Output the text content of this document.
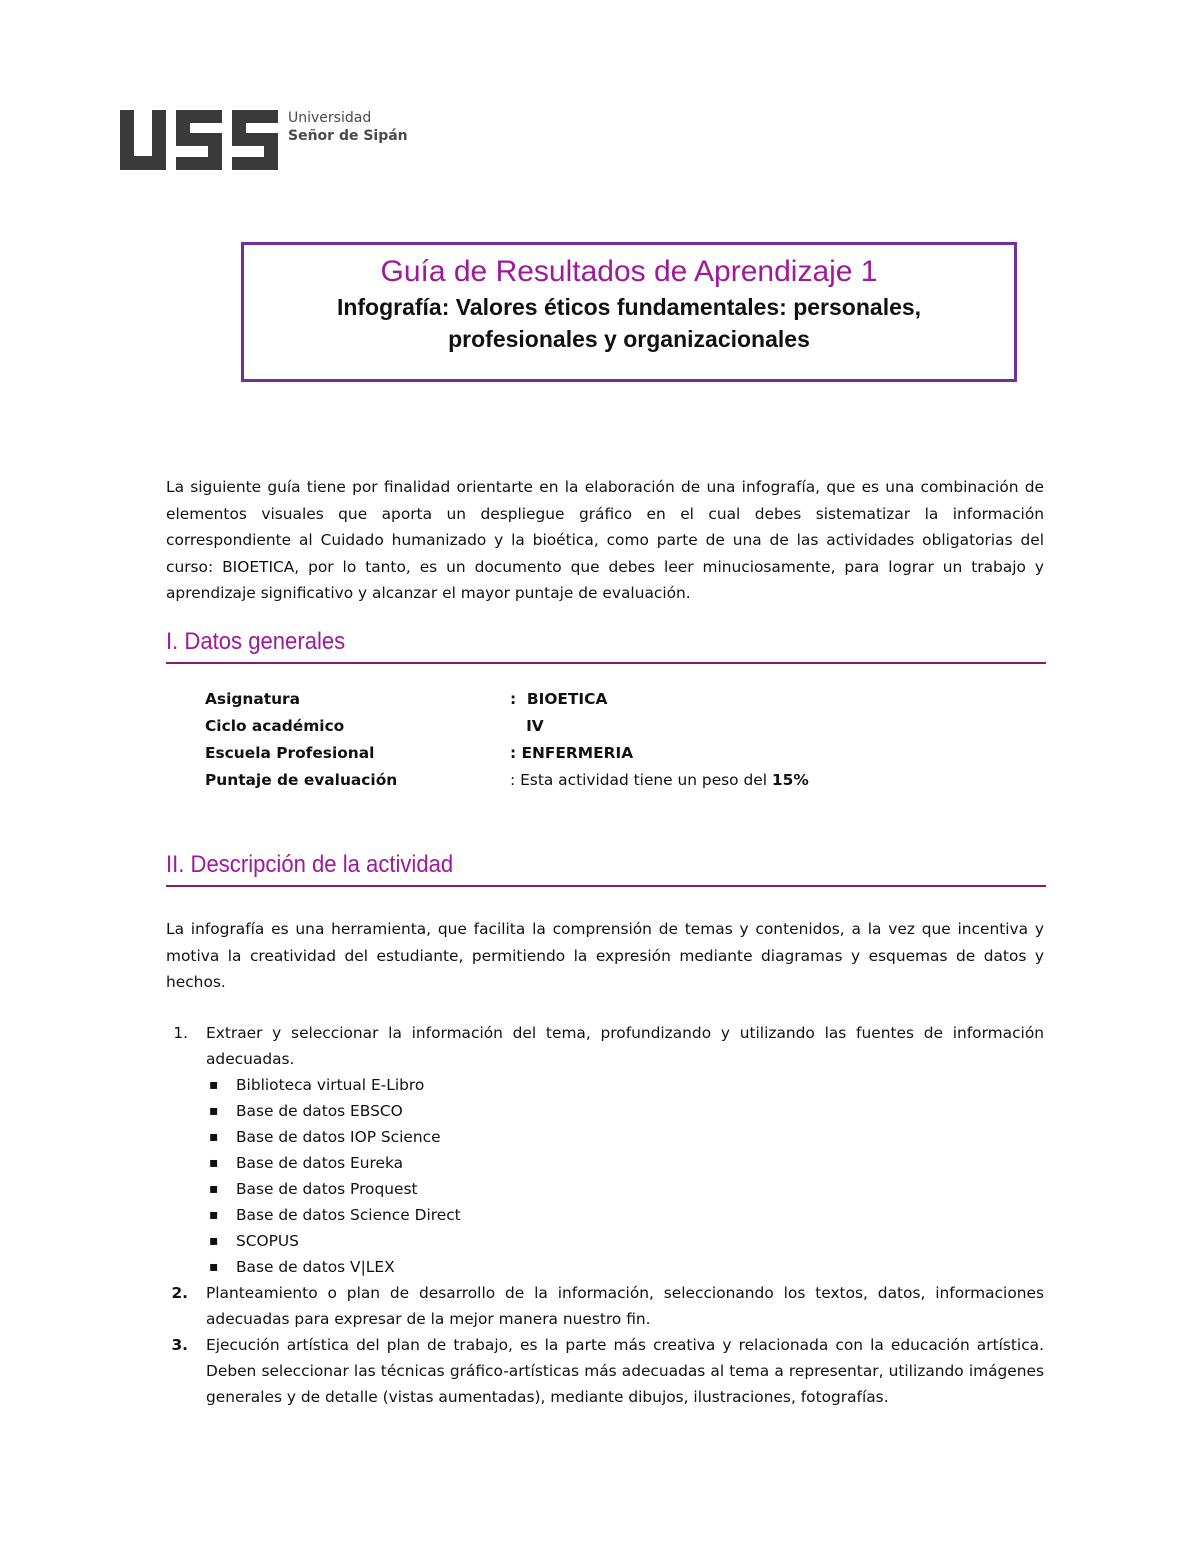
Universidad
Señor de Sipán
Guía de Resultados de Aprendizaje 1
Infografía: Valores éticos fundamentales: personales,
profesionales y organizacionales
La siguiente guía tiene por finalidad orientarte en la elaboración de una infografía, que es una combinación de elementos visuales que aporta un despliegue gráfico en el cual debes sistematizar la información correspondiente al Cuidado humanizado y la bioética, como parte de una de las actividades obligatorias del curso: BIOETICA, por lo tanto, es un documento que debes leer minuciosamente, para lograr un trabajo y aprendizaje significativo y alcanzar el mayor puntaje de evaluación.
I. Datos generales
Asignatura	:  BIOETICA
Ciclo académico	IV
Escuela Profesional	: ENFERMERIA
Puntaje de evaluación	: Esta actividad tiene un peso del 15%
II. Descripción de la actividad
La infografía es una herramienta, que facilita la comprensión de temas y contenidos, a la vez que incentiva y motiva la creatividad del estudiante, permitiendo la expresión mediante diagramas y esquemas de datos y hechos.
1. Extraer y seleccionar la información del tema, profundizando y utilizando las fuentes de información adecuadas.
▪ Biblioteca virtual E-Libro
▪ Base de datos EBSCO
▪ Base de datos IOP Science
▪ Base de datos Eureka
▪ Base de datos Proquest
▪ Base de datos Science Direct
▪ SCOPUS
▪ Base de datos V|LEX
2. Planteamiento o plan de desarrollo de la información, seleccionando los textos, datos, informaciones adecuadas para expresar de la mejor manera nuestro fin.
3. Ejecución artística del plan de trabajo, es la parte más creativa y relacionada con la educación artística. Deben seleccionar las técnicas gráfico-artísticas más adecuadas al tema a representar, utilizando imágenes generales y de detalle (vistas aumentadas), mediante dibujos, ilustraciones, fotografías.
